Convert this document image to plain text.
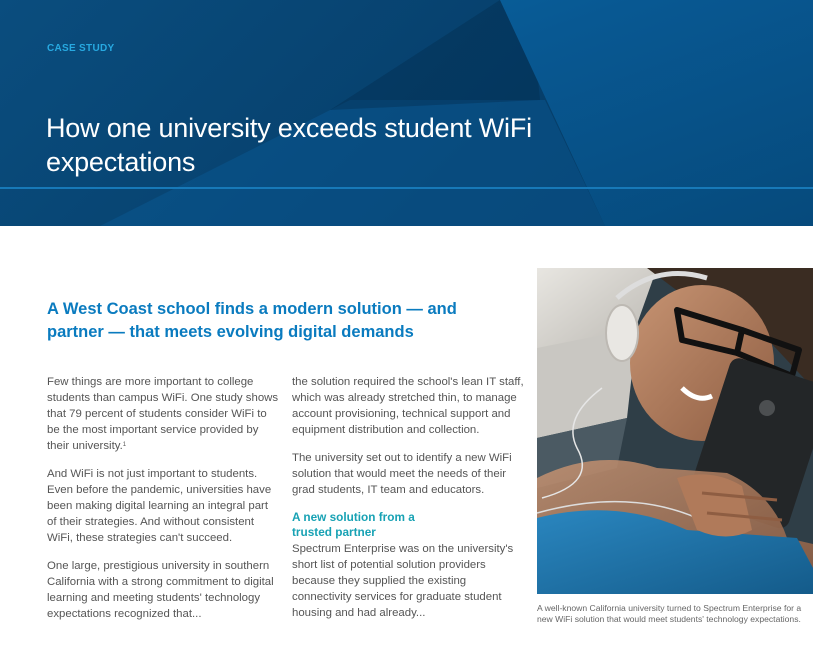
CASE STUDY
How one university exceeds student WiFi expectations
A West Coast school finds a modern solution — and partner — that meets evolving digital demands

Few things are more important to college students than campus WiFi. One study shows that 79 percent of students consider WiFi to be the most important service provided by their university.$^1$

And WiFi is not just important to students. Even before the pandemic, universities have been making digital learning an integral part of their strategies. And without consistent WiFi, these strategies can't succeed.

One large, prestigious university in southern California with a strong commitment to digital learning and meeting students' technology expectations recognized that...

the solution required the school's lean IT staff, which was already stretched thin, to manage account provisioning, technical support and equipment distribution and collection.

The university set out to identify a new WiFi solution that would meet the needs of their grad students, IT team and educators.

A new solution from a trusted partner

Spectrum Enterprise was on the university's short list of potential solution providers because they supplied the existing connectivity services for graduate student housing and had already...	A well-known California university turned to Spectrum Enterprise for a new WiFi solution that would meet students' technology expectations.
